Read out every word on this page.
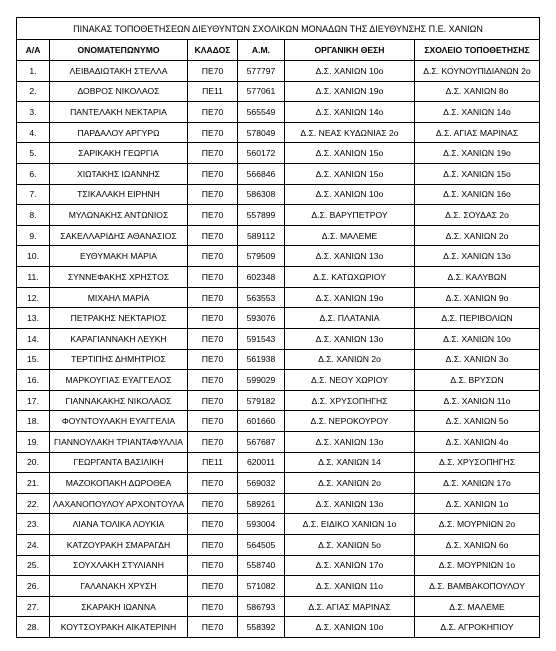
ΠΙΝΑΚΑΣ ΤΟΠΟΘΕΤΗΣΕΩΝ ΔΙΕΥΘΥΝΤΩΝ ΣΧΟΛΙΚΩΝ ΜΟΝΑΔΩΝ ΤΗΣ ΔΙΕΥΘΥΝΣΗΣ Π.Ε. ΧΑΝΙΩΝ					
Α/Α	ΟΝΟΜΑΤΕΠΩΝΥΜΟ	ΚΛΑΔΟΣ	Α.Μ.	ΟΡΓΑΝΙΚΗ ΘΕΣΗ	ΣΧΟΛΕΙΟ ΤΟΠΟΘΕΤΗΣΗΣ
1.	ΛΕΙΒΑΔΙΩΤΑΚΗ ΣΤΕΛΛΑ	ΠΕ70	577797	Δ.Σ. ΧΑΝΙΩΝ 10ο	Δ.Σ. ΚΟΥΝΟΥΠΙΔΙΑΝΩΝ 2ο
2.	ΔΟΒΡΟΣ ΝΙΚΟΛΑΟΣ	ΠΕ11	577061	Δ.Σ. ΧΑΝΙΩΝ 19ο	Δ.Σ. ΧΑΝΙΩΝ 8ο
3.	ΠΑΝΤΕΛΑΚΗ ΝΕΚΤΑΡΙΑ	ΠΕ70	565549	Δ.Σ. ΧΑΝΙΩΝ 14ο	Δ.Σ. ΧΑΝΙΩΝ 14ο
4.	ΠΑΡΔΑΛΟΥ ΑΡΓΥΡΩ	ΠΕ70	578049	Δ.Σ. ΝΕΑΣ ΚΥΔΩΝΙΑΣ 2ο	Δ.Σ. ΑΓΙΑΣ ΜΑΡΙΝΑΣ
5.	ΣΑΡΙΚΑΚΗ ΓΕΩΡΓΙΑ	ΠΕ70	560172	Δ.Σ. ΧΑΝΙΩΝ 15ο	Δ.Σ. ΧΑΝΙΩΝ 19ο
6.	ΧΙΩΤΑΚΗΣ ΙΩΑΝΝΗΣ	ΠΕ70	566846	Δ.Σ. ΧΑΝΙΩΝ 15ο	Δ.Σ. ΧΑΝΙΩΝ 15ο
7.	ΤΣΙΚΑΛΑΚΗ ΕΙΡΗΝΗ	ΠΕ70	586308	Δ.Σ. ΧΑΝΙΩΝ 10ο	Δ.Σ. ΧΑΝΙΩΝ 16ο
8.	ΜΥΛΩΝΑΚΗΣ ΑΝΤΩΝΙΟΣ	ΠΕ70	557899	Δ.Σ. ΒΑΡΥΠΕΤΡΟΥ	Δ.Σ. ΣΟΥΔΑΣ 2ο
9.	ΣΑΚΕΛΛΑΡΙΔΗΣ ΑΘΑΝΑΣΙΟΣ	ΠΕ70	589112	Δ.Σ. ΜΑΛΕΜΕ	Δ.Σ. ΧΑΝΙΩΝ 2ο
10.	ΕΥΘΥΜΑΚΗ ΜΑΡΙΑ	ΠΕ70	579509	Δ.Σ. ΧΑΝΙΩΝ 13ο	Δ.Σ. ΧΑΝΙΩΝ 13ο
11.	ΣΥΝΝΕΦΑΚΗΣ ΧΡΗΣΤΟΣ	ΠΕ70	602348	Δ.Σ. ΚΑΤΩΧΩΡΙΟΥ	Δ.Σ. ΚΑΛΥΒΩΝ
12.	ΜΙΧΑΗΛ ΜΑΡΙΑ	ΠΕ70	563553	Δ.Σ. ΧΑΝΙΩΝ 19ο	Δ.Σ. ΧΑΝΙΩΝ 9ο
13.	ΠΕΤΡΑΚΗΣ ΝΕΚΤΑΡΙΟΣ	ΠΕ70	593076	Δ.Σ. ΠΛΑΤΑΝΙΑ	Δ.Σ. ΠΕΡΙΒΟΛΙΩΝ
14.	ΚΑΡΑΓΙΑΝΝΑΚΗ ΛΕΥΚΗ	ΠΕ70	591543	Δ.Σ. ΧΑΝΙΩΝ 13ο	Δ.Σ. ΧΑΝΙΩΝ 10ο
15.	ΤΕΡΤΙΠΗΣ ΔΗΜΗΤΡΙΟΣ	ΠΕ70	561938	Δ.Σ. ΧΑΝΙΩΝ 2ο	Δ.Σ. ΧΑΝΙΩΝ 3ο
16.	ΜΑΡΚΟΥΓΙΑΣ ΕΥΑΓΓΕΛΟΣ	ΠΕ70	599029	Δ.Σ. ΝΕΟΥ ΧΩΡΙΟΥ	Δ.Σ. ΒΡΥΣΩΝ
17.	ΓΙΑΝΝΑΚΑΚΗΣ ΝΙΚΟΛΑΟΣ	ΠΕ70	579182	Δ.Σ. ΧΡΥΣΟΠΗΓΗΣ	Δ.Σ. ΧΑΝΙΩΝ 11ο
18.	ΦΟΥΝΤΟΥΛΑΚΗ ΕΥΑΓΓΕΛΙΑ	ΠΕ70	601660	Δ.Σ. ΝΕΡΟΚΟΥΡΟΥ	Δ.Σ. ΧΑΝΙΩΝ 5ο
19.	ΓΙΑΝΝΟΥΛΑΚΗ ΤΡΙΑΝΤΑΦΥΛΛΙΑ	ΠΕ70	567687	Δ.Σ. ΧΑΝΙΩΝ 13ο	Δ.Σ. ΧΑΝΙΩΝ 4ο
20.	ΓΕΩΡΓΑΝΤΑ ΒΑΣΙΛΙΚΗ	ΠΕ11	620011	Δ.Σ. ΧΑΝΙΩΝ 14	Δ.Σ. ΧΡΥΣΟΠΗΓΗΣ
21.	ΜΑΖΟΚΟΠΑΚΗ ΔΩΡΟΘΕΑ	ΠΕ70	569032	Δ.Σ. ΧΑΝΙΩΝ 2ο	Δ.Σ. ΧΑΝΙΩΝ 17ο
22.	ΛΑΧΑΝΟΠΟΥΛΟΥ ΑΡΧΟΝΤΟΥΛΑ	ΠΕ70	589261	Δ.Σ. ΧΑΝΙΩΝ 13ο	Δ.Σ. ΧΑΝΙΩΝ 1ο
23.	ΛΙΑΝΑ ΤΟΛΙΚΑ ΛΟΥΚΙΑ	ΠΕ70	593004	Δ.Σ. ΕΙΔΙΚΟ ΧΑΝΙΩΝ 1ο	Δ.Σ. ΜΟΥΡΝΙΩΝ 2ο
24.	ΚΑΤΖΟΥΡΑΚΗ ΣΜΑΡΑΓΔΗ	ΠΕ70	564505	Δ.Σ. ΧΑΝΙΩΝ 5ο	Δ.Σ. ΧΑΝΙΩΝ 6ο
25.	ΣΟΥΧΛΑΚΗ ΣΤΥΛΙΑΝΗ	ΠΕ70	558740	Δ.Σ. ΧΑΝΙΩΝ 17ο	Δ.Σ. ΜΟΥΡΝΙΩΝ 1ο
26.	ΓΑΛΑΝΑΚΗ ΧΡΥΣΗ	ΠΕ70	571082	Δ.Σ. ΧΑΝΙΩΝ 11ο	Δ.Σ. ΒΑΜΒΑΚΟΠΟΥΛΟΥ
27.	ΣΚΑΡΑΚΗ ΙΩΑΝΝΑ	ΠΕ70	586793	Δ.Σ. ΑΓΙΑΣ ΜΑΡΙΝΑΣ	Δ.Σ. ΜΑΛΕΜΕ
28.	ΚΟΥΤΣΟΥΡΑΚΗ ΑΙΚΑΤΕΡΙΝΗ	ΠΕ70	558392	Δ.Σ. ΧΑΝΙΩΝ 10ο	Δ.Σ. ΑΓΡΟΚΗΠΙΟΥ
